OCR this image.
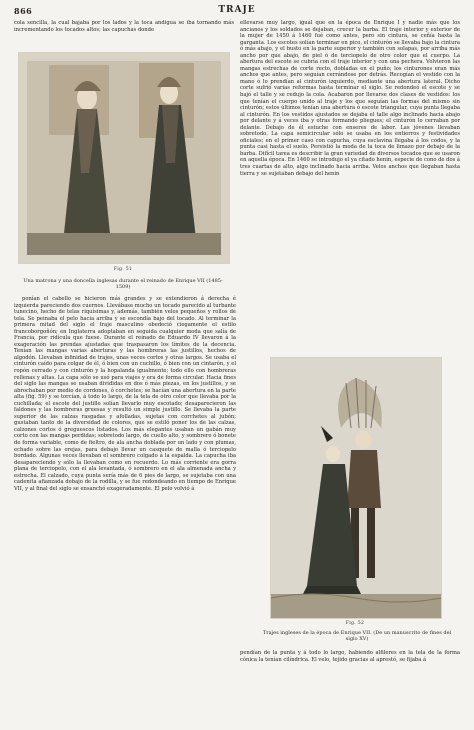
866	TRAJE

cola sencilla, la cual bajaba por los lados y la toca andigua se iba tornando más incrementando los tocados altos; las capuchas donde

Fig. 51
Una matrona y una doncella inglesas durante el reinado de Enrique VII (1485-1509)

ponían el cabello se hicieron más grandes y se extendieron á derecha é izquierda pareciendo dos cuernos. Llevábase mucho un tocado parecido al turbante tunecino, hecho de telas riquísimas y, además, también velos pequeños y rollos de tela. Se peinaba el pelo hacia arriba y se escondía bajo del tocado. Al terminar la primera mitad del siglo el traje masculino obedeció ciegamente el estilo francoborgoñón; en Inglaterra adoptaban en seguida cualquier moda que salía de Francia, por ridícula que fuese. Durante el reinado de Eduardo IV llevaron á la exageración las prendas ajustadas que traspasaron los límites de la decencia. Tenían las mangas varias aberturas y las hombreras las justillos, hechos de algodón. Llevaban infinidad de trajes, unas veces cortos y otras largos. Se usaba el cinturón caído para colgar de él, ó bien con un cuchillo, ó bien con un cintarón, y el ropón cerrado y con cinturón y la hopalanda igualmente; todo ello con hombreras rellenas y altas. La capa sólo se usó para viajes y era de forma circular. Hacia fines del siglo las mangas se usaban divididas en dos ó más piezas, en los justillos, y se abrochaban por medio de cordones, ó corchetes; se hacían una abertura en la parte alta (fig. 59) y se torcían, á todo lo largo, de la tela de otro color que llevaba por la cuchillada; el escote del justillo solían llevarlo muy escotado; desaparecieron las faldones y las hombreras gruesas y resultó un simple justillo. Se llevaba la parte superior de las calzas rasgadas y afolladas, sujetas con corchetes al jubón; gustaban tanto de la diversidad de colores, que se estiló poner los de las calzas, calzones cortos ó greguescos listados. Los más elegantes usaban un gabán muy corto con las mangas perdidas; sobretodo largo, de cuello alto, y sombrero ó bonete de forma variable, como de fieltro, de ala ancha doblada por un lado y con plumas, echado sobre las orejas, para debajo llevar un casquete de malla ó terciopelo bordado. Algunas veces llevaban el sombrero colgado á la espalda. La capucha iba desapareciendo y sólo la llevaban como en recuerdo. Lo más corriente era gorra plana de terciopelo, con el ala levantada, ó sombrero en el ala almenada ancha y estrecha. El calzado, cuya punta sería más de 6 pies de largo, se sujetaba con una cadenita afianzada debajo de la rodilla, y se fue redondeando en tiempo de Enrique VII, y al final del siglo se ensanchó exageradamente. El pelo volvió á

ellevarse muy largo, igual que en la época de Enrique I y nadie más que los ancianos y los soldados se dejaban, crecer la barba. El traje interior y exterior de la mujer de 1450 á 1460 fué como antes, pero sin cintura, se ceñía hasta la garganta. Los escotes solían terminar en pico, el cinturón se llevaba bajo la cintura ó más abajo, y el busto en la parte superior y también con solapas, por arriba más ancho por que abajo, de piel ó de terciopelo de otro color que el cuerpo. La abertura del escote se cubría con el traje interior y con una pechera. Volvieron las mangas estrechas de corte recto, dobladas en el puño; los cinturones eran más anchos que antes, pero seguían cerrándose por detrás. Recogían el vestido con la mano ó lo prendían al cinturón izquierdo, mediante una abertura lateral. Dicho corte sufrió varias reformas hasta terminar el siglo. Se redondeó el escote y se bajó el talle y se redujo la cola. Acabaron por llevarse dos clases de vestidos: los que tenían el cuerpo unido al traje y los que seguían las formas del mismo sin cinturón; estos últimos tenían una abertura ó escote triangular, cuya punta llegaba al cinturón. En los vestidos ajustados se dejaba el talle algo inclinado hacia abajo por delante y á veces iba y otras formando pliegues; el cinturón lo cerraban por delante. Debajo de él estuche con enseres de labor. Las jóvenes llevaban sobretodo. La capa semicircular sólo se usaba en los entierros y festividades oficiales; en el primer caso con capucha, cuya esclavina llegaba á los codos, y la punta casi hasta el suelo. Persistió la moda de la toca de limazo por debajo de la barba. Difícil tarea es describir la gran variedad de diversos tocados que se usaron en aquella época. En 1460 se introdujo el ya citado henin, especie de cono de dos á tres cuartas de alto, algo inclinado hacia arriba. Velos anchos que llegaban hasta tierra y se sujetaban debajo del henin

Fig. 52
Trajes ingleses de la época de Enrique VII. (De un manuscrito de fines del siglo XV)

pendían de la punta y á todo lo largo, habiendo alfileres en la tela de la forma cónica la tenían cilíndrica. El velo, tejido gracias al aprestó, se fijaba á
